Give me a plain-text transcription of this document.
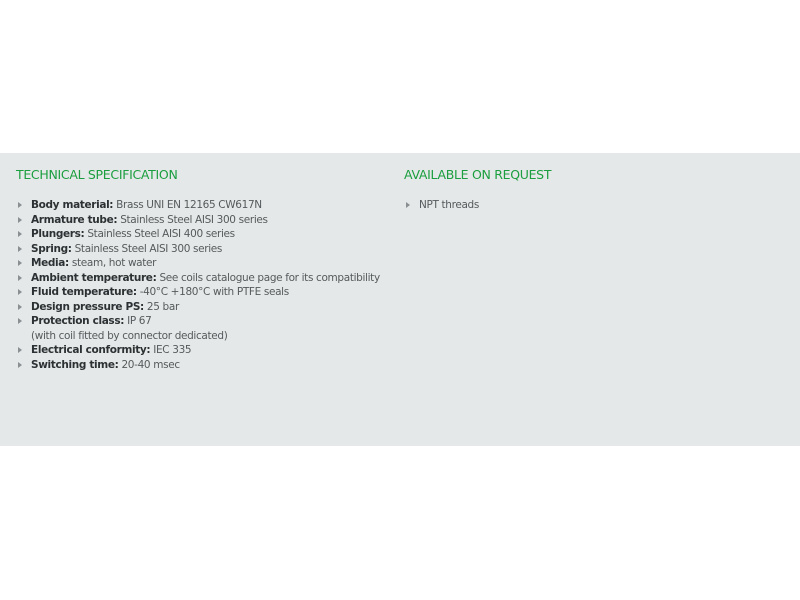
TECHNICAL SPECIFICATION
Body material: Brass UNI EN 12165 CW617N
Armature tube: Stainless Steel AISI 300 series
Plungers: Stainless Steel AISI 400 series
Spring: Stainless Steel AISI 300 series
Media: steam, hot water
Ambient temperature: See coils catalogue page for its compatibility
Fluid temperature: -40°C +180°C with PTFE seals
Design pressure PS: 25 bar
Protection class: IP 67
(with coil fitted by connector dedicated)
Electrical conformity: IEC 335
Switching time: 20-40 msec
AVAILABLE ON REQUEST
NPT threads
